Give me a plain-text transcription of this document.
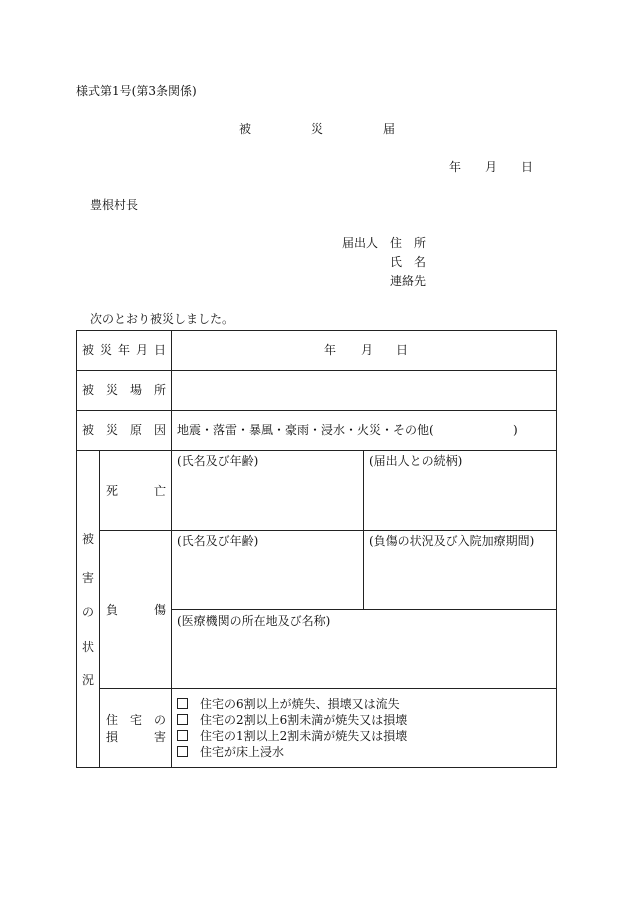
様式第1号(第3条関係)
被	災	届
年 月 日
豊根村長
届出人 住 所
氏 名
連絡先
次のとおり被災しました。
被 災 年 月 日	年 月 日
被 災 場 所
被 災 原 因 地震・落雷・暴風・豪雨・浸水・火災・その他(	)
被
害
の
状
況
死	亡
(氏名及び年齢)	(届出人との続柄)
負	傷
(氏名及び年齢)	(負傷の状況及び入院加療期間)
(医療機関の所在地及び名称)
住 宅 の
損	害
住宅の6割以上が焼失、損壊又は流失
住宅の2割以上6割未満が焼失又は損壊
住宅の1割以上2割未満が焼失又は損壊
住宅が床上浸水
